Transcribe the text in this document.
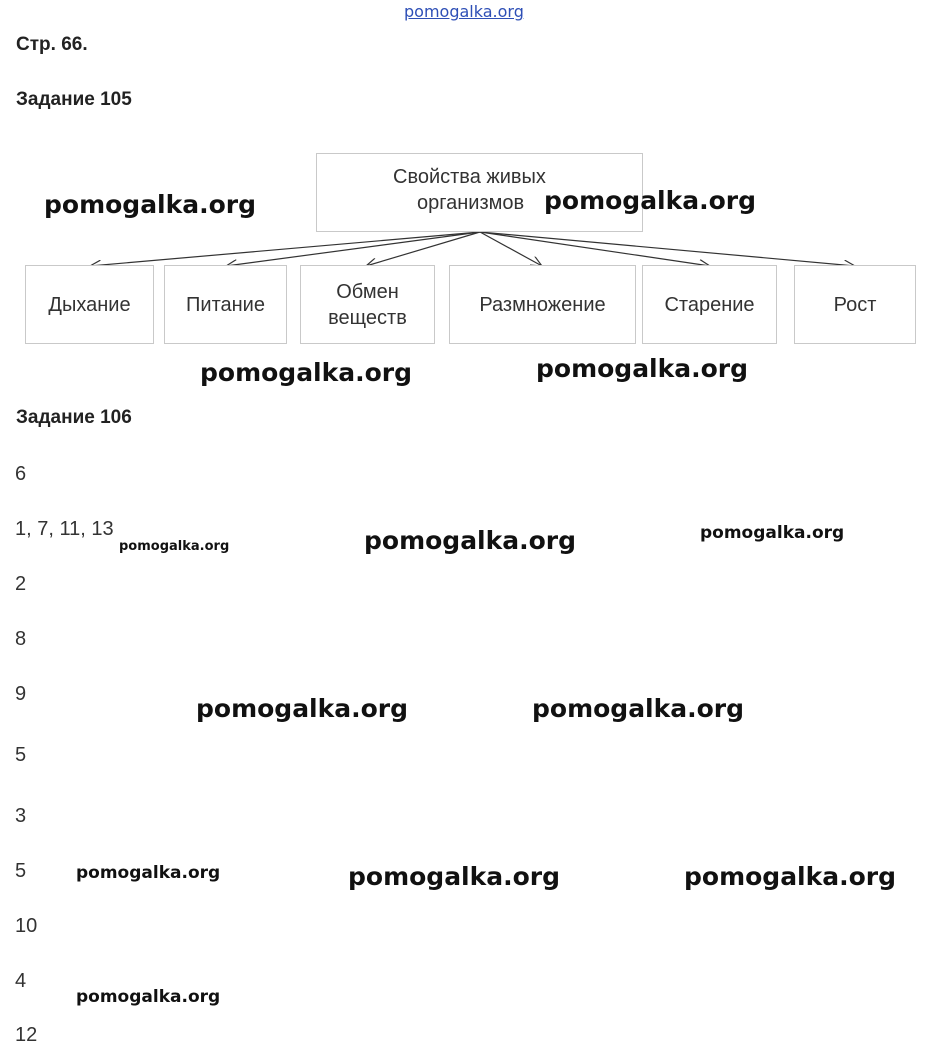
pomogalka.org
Стр. 66.
Задание 105
Свойства живых
организмов
Дыхание	Питание
Обмен
веществ
Размножение	Старение	Рост
Задание 106
6
1, 7, 11, 13
2
8
9
5
3
5
10
4
12
pomogalka.org	pomogalka.org
pomogalka.org	pomogalka.org
pomogalka.org	pomogalka.org	pomogalka.org
pomogalka.org	pomogalka.org
pomogalka.org	pomogalka.org	pomogalka.org
pomogalka.org
